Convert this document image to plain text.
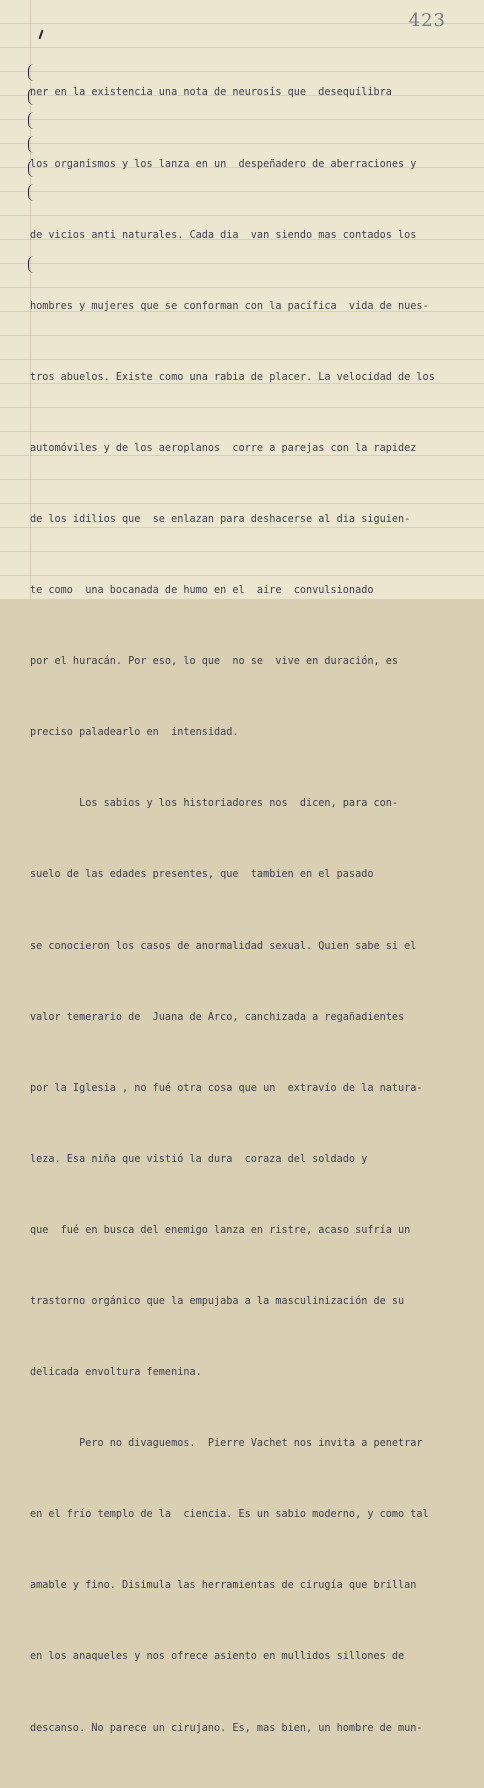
423

ner en la existencia una nota de neurosis que  desequilibra

los organismos y los lanza en un  despeñadero de aberraciones y

de vicios anti naturales. Cada dia  van siendo mas contados los

hombres y mujeres que se conforman con la pacífica  vida de nues-

tros abuelos. Existe como una rabia de placer. La velocidad de los

automóviles y de los aeroplanos  corre a parejas con la rapidez

de los idilios que  se enlazan para deshacerse al dia siguien-

te como  una bocanada de humo en el  aire  convulsionado

por el huracán. Por eso, lo que  no se  vive en duración, es

preciso paladearlo en  intensidad.

Los sabios y los historiadores nos  dicen, para con-

suelo de las edades presentes, que  tambien en el pasado

se conocieron los casos de anormalidad sexual. Quien sabe si el

valor temerario de  Juana de Arco, canchizada a regañadientes

por la Iglesia , no fué otra cosa que un  extravío de la natura-

leza. Esa niña que vistió la dura  coraza del soldado y

que  fué en busca del enemigo lanza en ristre, acaso sufría un

trastorno orgánico que la empujaba a la masculinización de su

delicada envoltura femenina.

Pero no divaguemos.  Pierre Vachet nos invita a penetrar

en el frío templo de la  ciencia. Es un sabio moderno, y como tal

amable y fino. Disimula las herramientas de cirugía que brillan

en los anaqueles y nos ofrece asiento en mullidos sillones de

descanso. No parece un cirujano. Es, mas bien, un hombre de mun-
